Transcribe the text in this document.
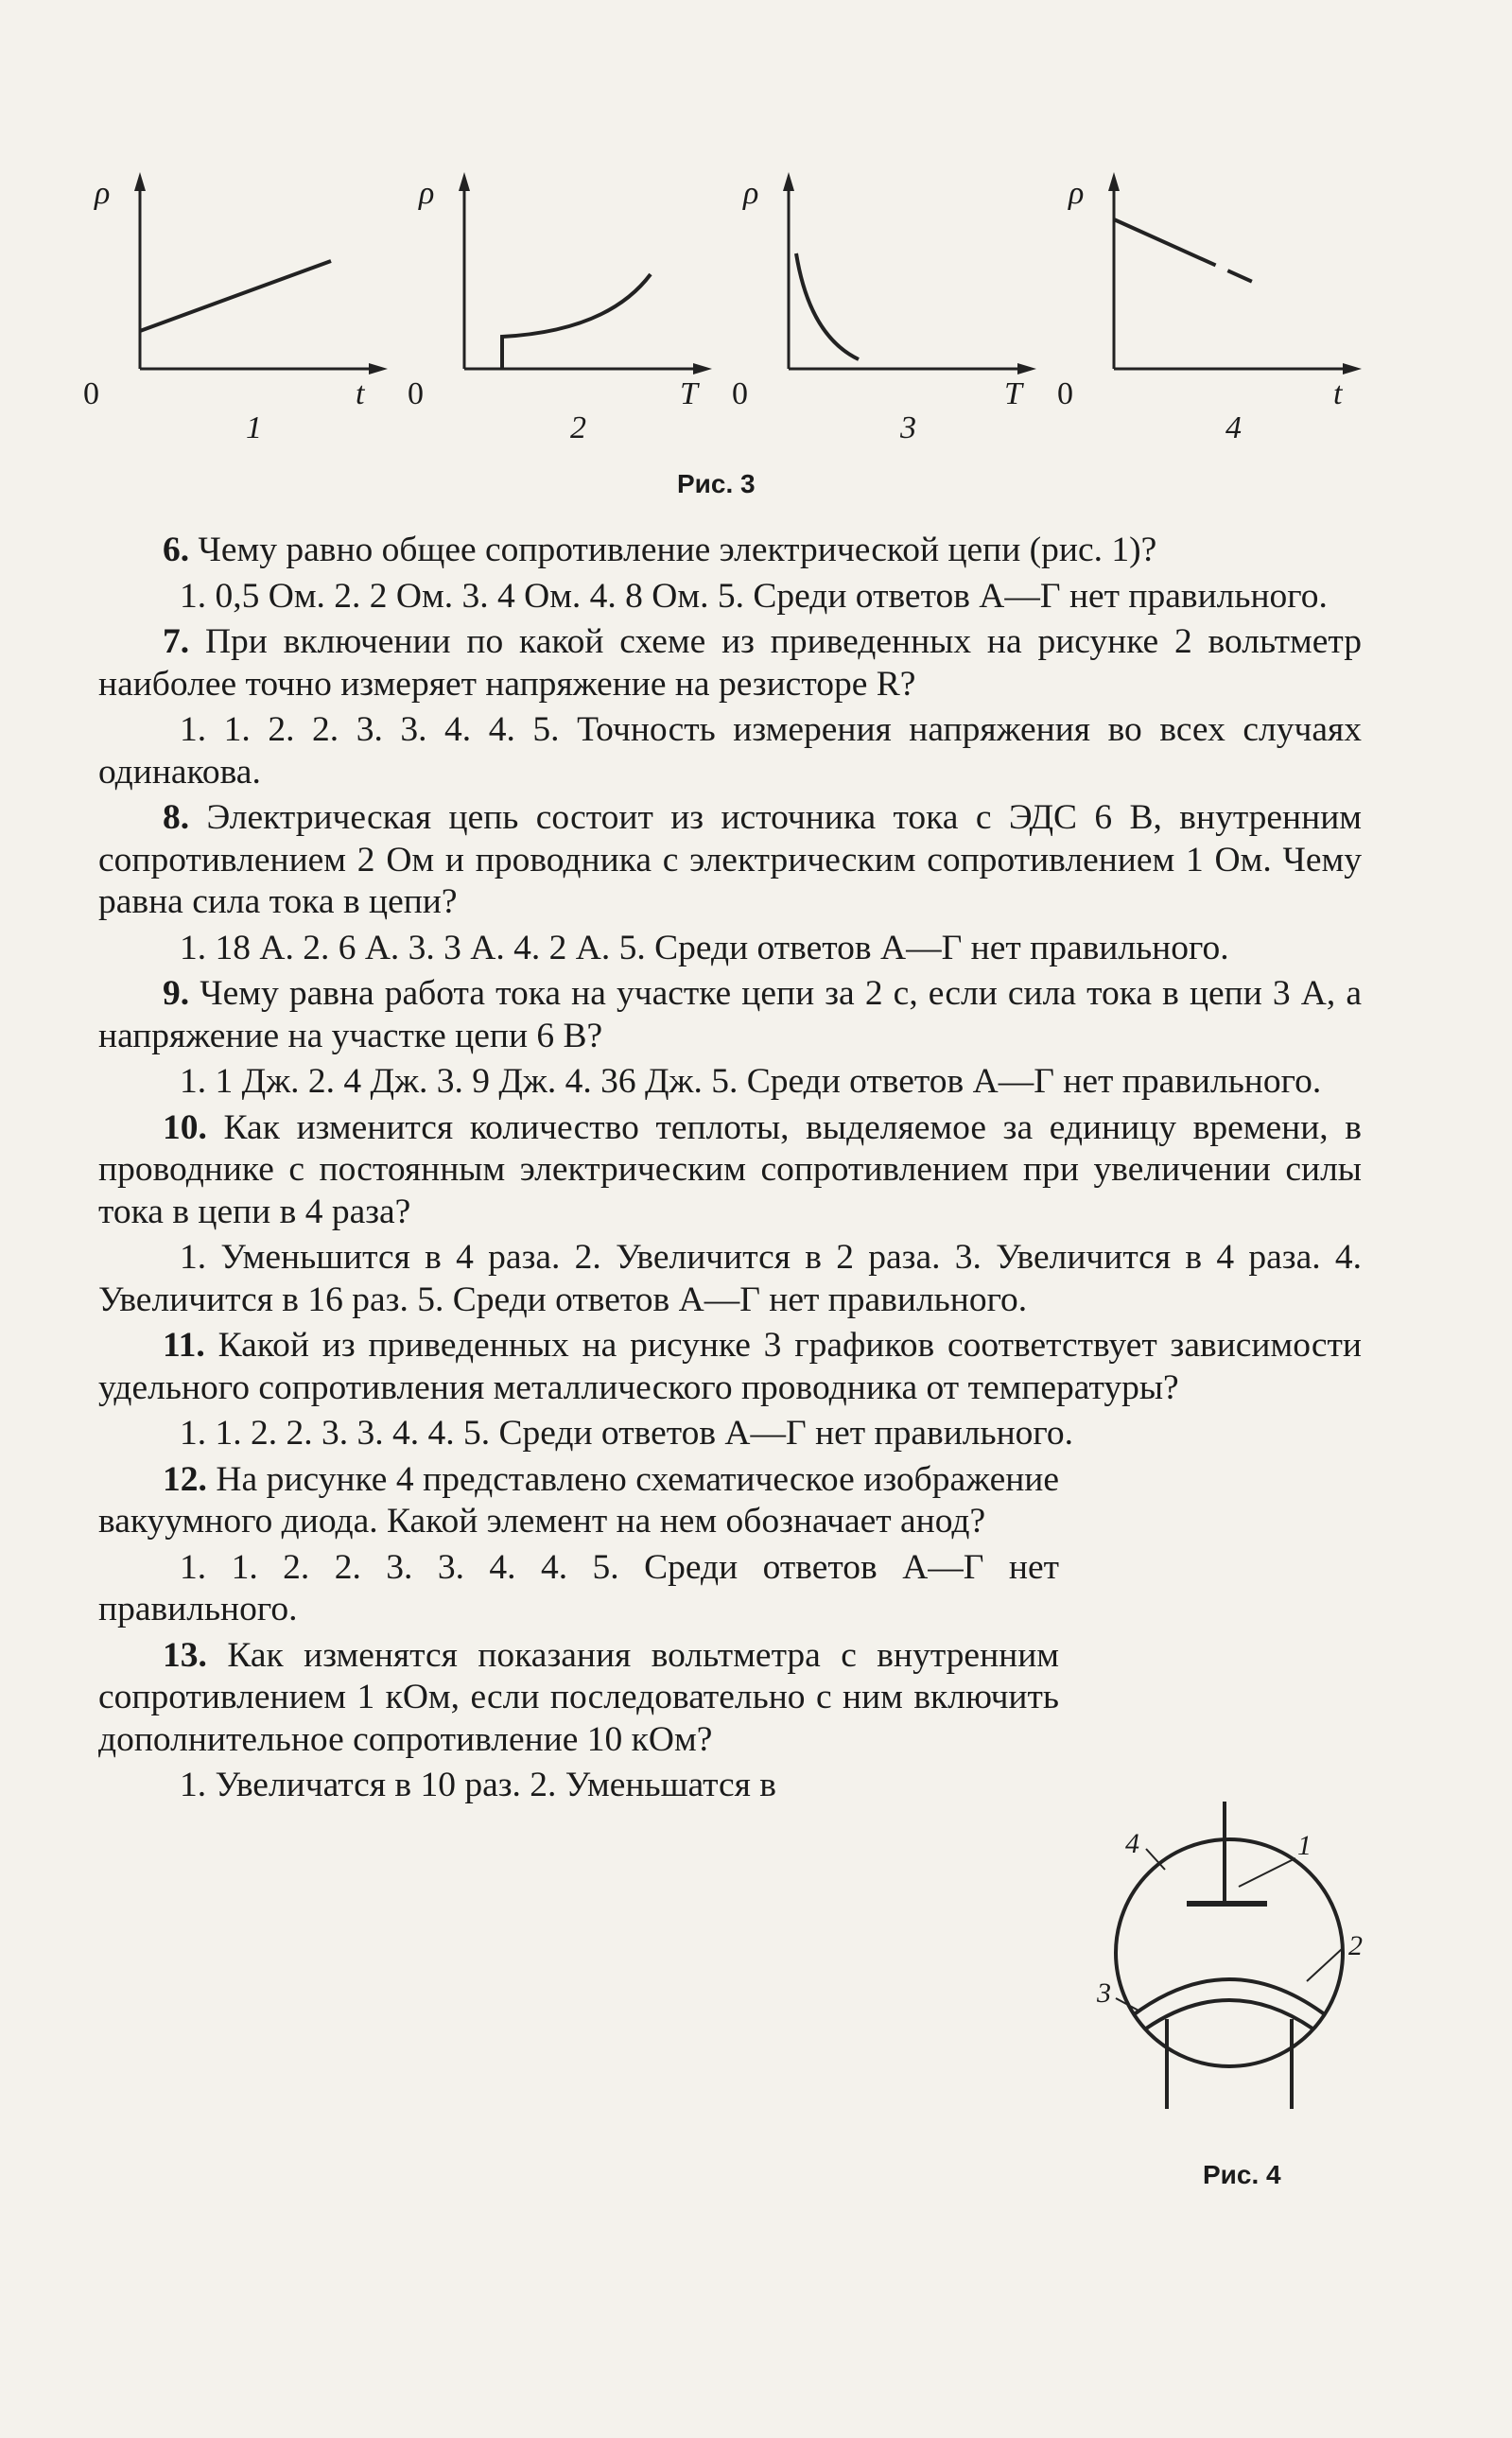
ρ
0	t
1
ρ
0	T
2
ρ
0	T
3
ρ
0	t
4
Рис. 3

6. Чему равно общее сопротивление электрической цепи (рис. 1)?

1. 0,5 Ом. 2. 2 Ом. 3. 4 Ом. 4. 8 Ом. 5. Среди ответов А—Г нет правильного.

7. При включении по какой схеме из приведенных на рисунке 2 вольтметр наиболее точно измеряет напряжение на резисторе R?

1. 1. 2. 2. 3. 3. 4. 4. 5. Точность измерения напряжения во всех случаях одинакова.

8. Электрическая цепь состоит из источника тока с ЭДС 6 В, внутренним сопротивлением 2 Ом и проводника с электрическим сопротивлением 1 Ом. Чему равна сила тока в цепи?

1. 18 А. 2. 6 А. 3. 3 А. 4. 2 А. 5. Среди ответов А—Г нет правильного.

9. Чему равна работа тока на участке цепи за 2 с, если сила тока в цепи 3 А, а напряжение на участке цепи 6 В?

1. 1 Дж. 2. 4 Дж. 3. 9 Дж. 4. 36 Дж. 5. Среди ответов А—Г нет правильного.

10. Как изменится количество теплоты, выделяемое за единицу времени, в проводнике с постоянным электрическим сопротивлением при увеличении силы тока в цепи в 4 раза?

1. Уменьшится в 4 раза. 2. Увеличится в 2 раза. 3. Увеличится в 4 раза. 4. Увеличится в 16 раз. 5. Среди ответов А—Г нет правильного.

11. Какой из приведенных на рисунке 3 графиков соответствует зависимости удельного сопротивления металлического проводника от температуры?

1. 1. 2. 2. 3. 3. 4. 4. 5. Среди ответов А—Г нет правильного.

12. На рисунке 4 представлено схематическое изображение вакуумного диода. Какой элемент на нем обозначает анод?

1. 1. 2. 2. 3. 3. 4. 4. 5. Среди ответов А—Г нет правильного.

13. Как изменятся показания вольтметра с внутренним сопротивлением 1 кОм, если последовательно с ним включить дополнительное сопротивление 10 кОм?

1. Увеличатся в 10 раз. 2. Уменьшатся в

1
2
3
4
Рис. 4
